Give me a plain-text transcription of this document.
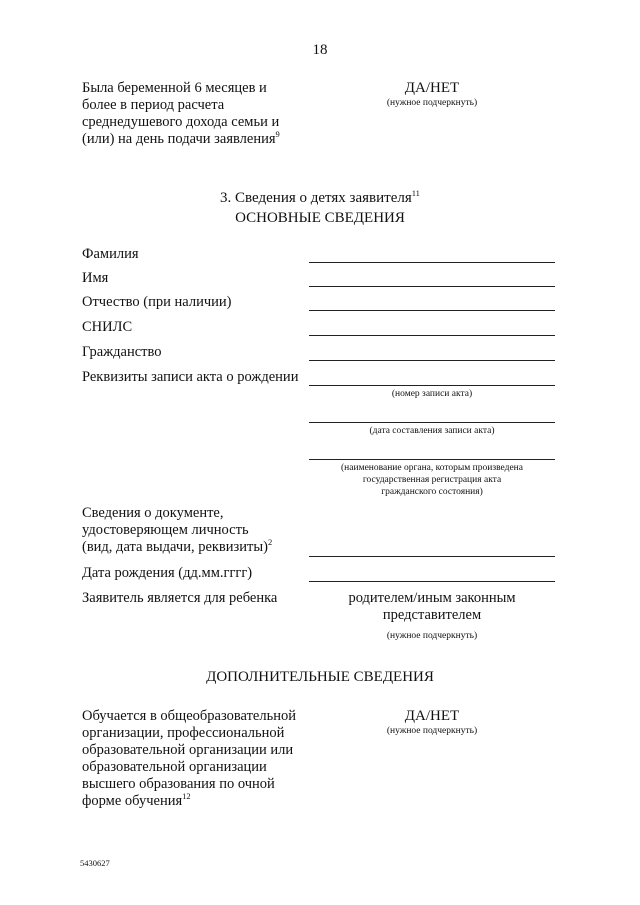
18
Была беременной 6 месяцев и
более в период расчета
среднедушевого дохода семьи и
(или) на день подачи заявления$^9$
ДА/НЕТ
(нужное подчеркнуть)
3. Сведения о детях заявителя$^{11}$
ОСНОВНЫЕ СВЕДЕНИЯ
Фамилия
Имя
Отчество (при наличии)
СНИЛС
Гражданство
Реквизиты записи акта о рождении
(номер записи акта)
(дата составления записи акта)
(наименование органа, которым произведена
государственная регистрация акта
гражданского состояния)
Сведения о документе,
удостоверяющем личность
(вид, дата выдачи, реквизиты)$^2$
Дата рождения (дд.мм.гггг)
Заявитель является для ребенка	родителем/иным законным
представителем
(нужное подчеркнуть)
ДОПОЛНИТЕЛЬНЫЕ СВЕДЕНИЯ
Обучается в общеобразовательной
организации, профессиональной
образовательной организации или
образовательной организации
высшего образования по очной
форме обучения$^{12}$
ДА/НЕТ
(нужное подчеркнуть)
5430627
